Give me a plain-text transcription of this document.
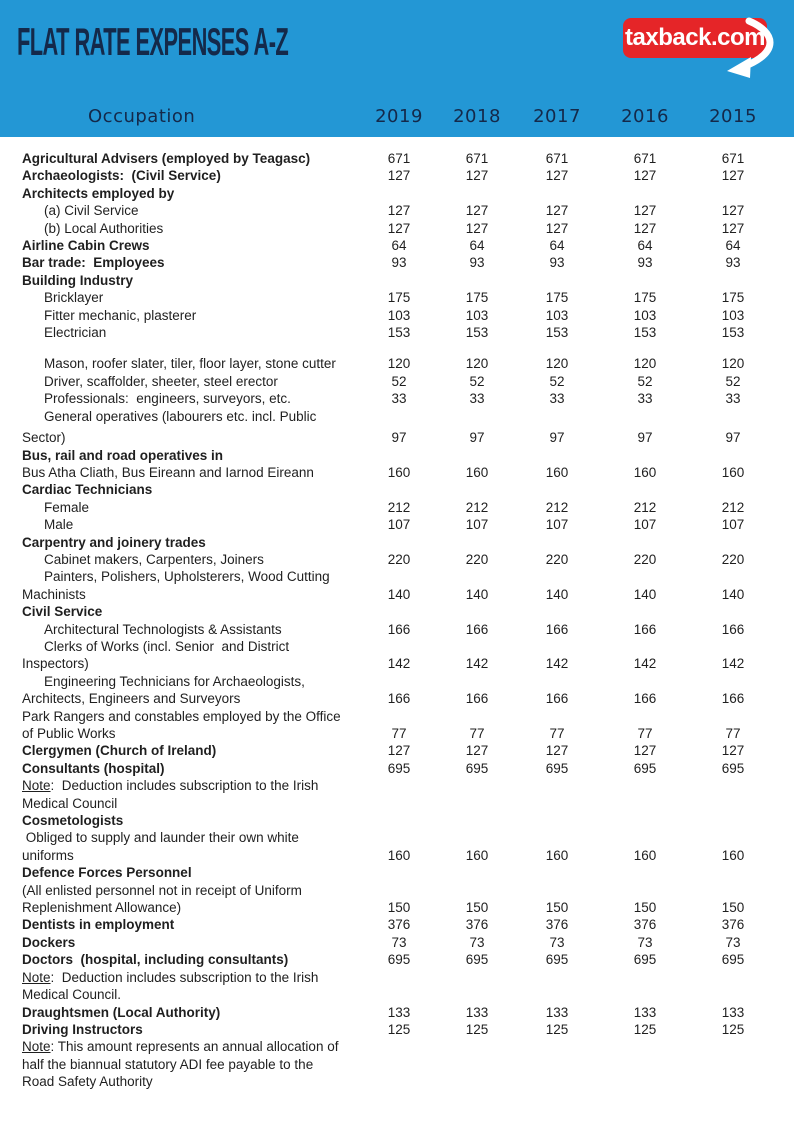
FLAT RATE EXPENSES A-Z	taxback.com
Occupation	2019	2018	2017	2016	2015
Agricultural Advisers (employed by Teagasc)	671	671	671	671	671
Archaeologists:  (Civil Service)	127	127	127	127	127
Architects employed by
(a) Civil Service	127	127	127	127	127
(b) Local Authorities	127	127	127	127	127
Airline Cabin Crews	64	64	64	64	64
Bar trade:  Employees	93	93	93	93	93
Building Industry
Bricklayer	175	175	175	175	175
Fitter mechanic, plasterer	103	103	103	103	103
Electrician	153	153	153	153	153
Mason, roofer slater, tiler, floor layer, stone cutter	120	120	120	120	120
Driver, scaffolder, sheeter, steel erector	52	52	52	52	52
Professionals:  engineers, surveyors, etc.	33	33	33	33	33
General operatives (labourers etc. incl. Public
Sector)	97	97	97	97	97
Bus, rail and road operatives in
Bus Atha Cliath, Bus Eireann and Iarnod Eireann	160	160	160	160	160
Cardiac Technicians
Female	212	212	212	212	212
Male	107	107	107	107	107
Carpentry and joinery trades
Cabinet makers, Carpenters, Joiners	220	220	220	220	220
Painters, Polishers, Upholsterers, Wood Cutting
Machinists	140	140	140	140	140
Civil Service
Architectural Technologists & Assistants	166	166	166	166	166
Clerks of Works (incl. Senior  and District
Inspectors)	142	142	142	142	142
Engineering Technicians for Archaeologists,
Architects, Engineers and Surveyors	166	166	166	166	166
Park Rangers and constables employed by the Office
of Public Works	77	77	77	77	77
Clergymen (Church of Ireland)	127	127	127	127	127
Consultants (hospital)	695	695	695	695	695
Note:  Deduction includes subscription to the Irish
Medical Council
Cosmetologists
Obliged to supply and launder their own white
uniforms	160	160	160	160	160
Defence Forces Personnel
(All enlisted personnel not in receipt of Uniform
Replenishment Allowance)	150	150	150	150	150
Dentists in employment	376	376	376	376	376
Dockers	73	73	73	73	73
Doctors  (hospital, including consultants)	695	695	695	695	695
Note:  Deduction includes subscription to the Irish
Medical Council.
Draughtsmen (Local Authority)	133	133	133	133	133
Driving Instructors	125	125	125	125	125
Note: This amount represents an annual allocation of
half the biannual statutory ADI fee payable to the
Road Safety Authority
